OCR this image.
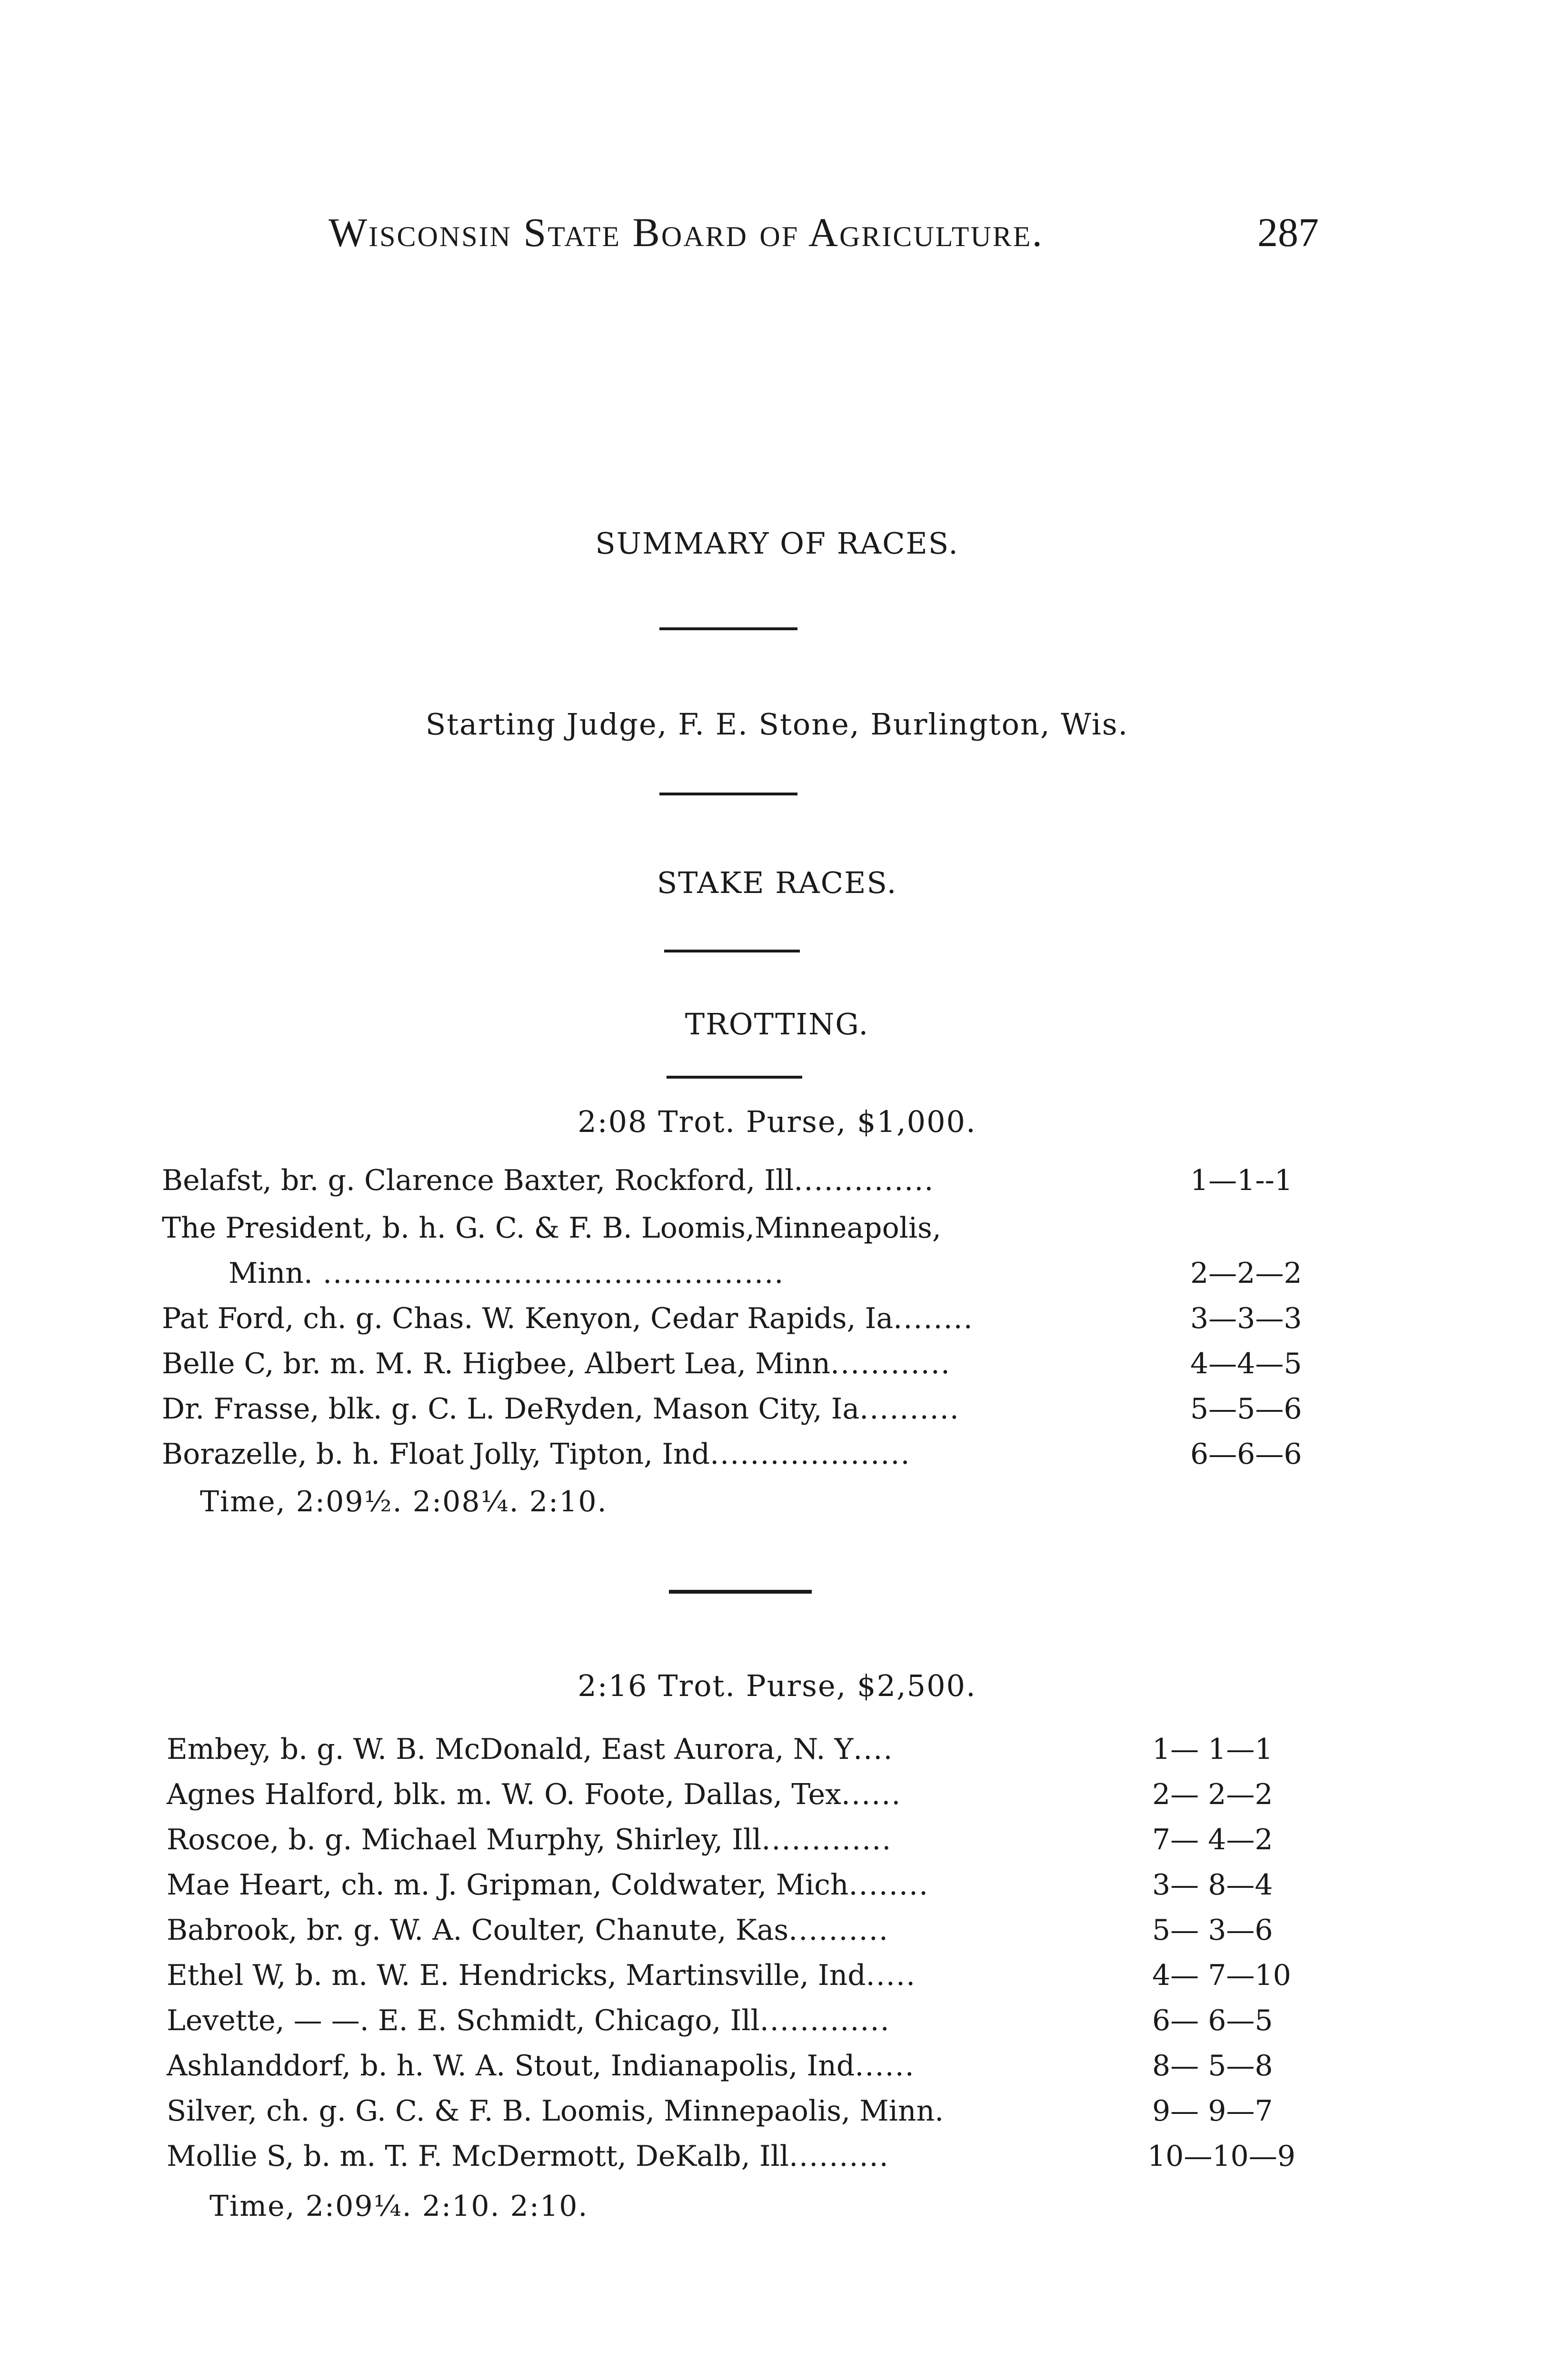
Wisconsin State Board of Agriculture.	287
SUMMARY OF RACES.
Starting Judge, F. E. Stone, Burlington, Wis.
STAKE RACES.
TROTTING.
2:08 Trot. Purse, $1,000.
Belafst, br. g. Clarence Baxter, Rockford, Ill..............	1—1--1
The President, b. h. G. C. & F. B. Loomis,Minneapolis,
Minn. ..............................................	2—2—2
Pat Ford, ch. g. Chas. W. Kenyon, Cedar Rapids, Ia........	3—3—3
Belle C, br. m. M. R. Higbee, Albert Lea, Minn............	4—4—5
Dr. Frasse, blk. g. C. L. DeRyden, Mason City, Ia..........	5—5—6
Borazelle, b. h. Float Jolly, Tipton, Ind....................	6—6—6
Time, 2:09½. 2:08¼. 2:10.
2:16 Trot. Purse, $2,500.
Embey, b. g. W. B. McDonald, East Aurora, N. Y....	1— 1—1
Agnes Halford, blk. m. W. O. Foote, Dallas, Tex......	2— 2—2
Roscoe, b. g. Michael Murphy, Shirley, Ill.............	7— 4—2
Mae Heart, ch. m. J. Gripman, Coldwater, Mich........	3— 8—4
Babrook, br. g. W. A. Coulter, Chanute, Kas..........	5— 3—6
Ethel W, b. m. W. E. Hendricks, Martinsville, Ind.....	4— 7—10
Levette, — —. E. E. Schmidt, Chicago, Ill.............	6— 6—5
Ashlanddorf, b. h. W. A. Stout, Indianapolis, Ind......	8— 5—8
Silver, ch. g. G. C. & F. B. Loomis, Minnepaolis, Minn.	9— 9—7
Mollie S, b. m. T. F. McDermott, DeKalb, Ill..........	10—10—9
Time, 2:09¼. 2:10. 2:10.
